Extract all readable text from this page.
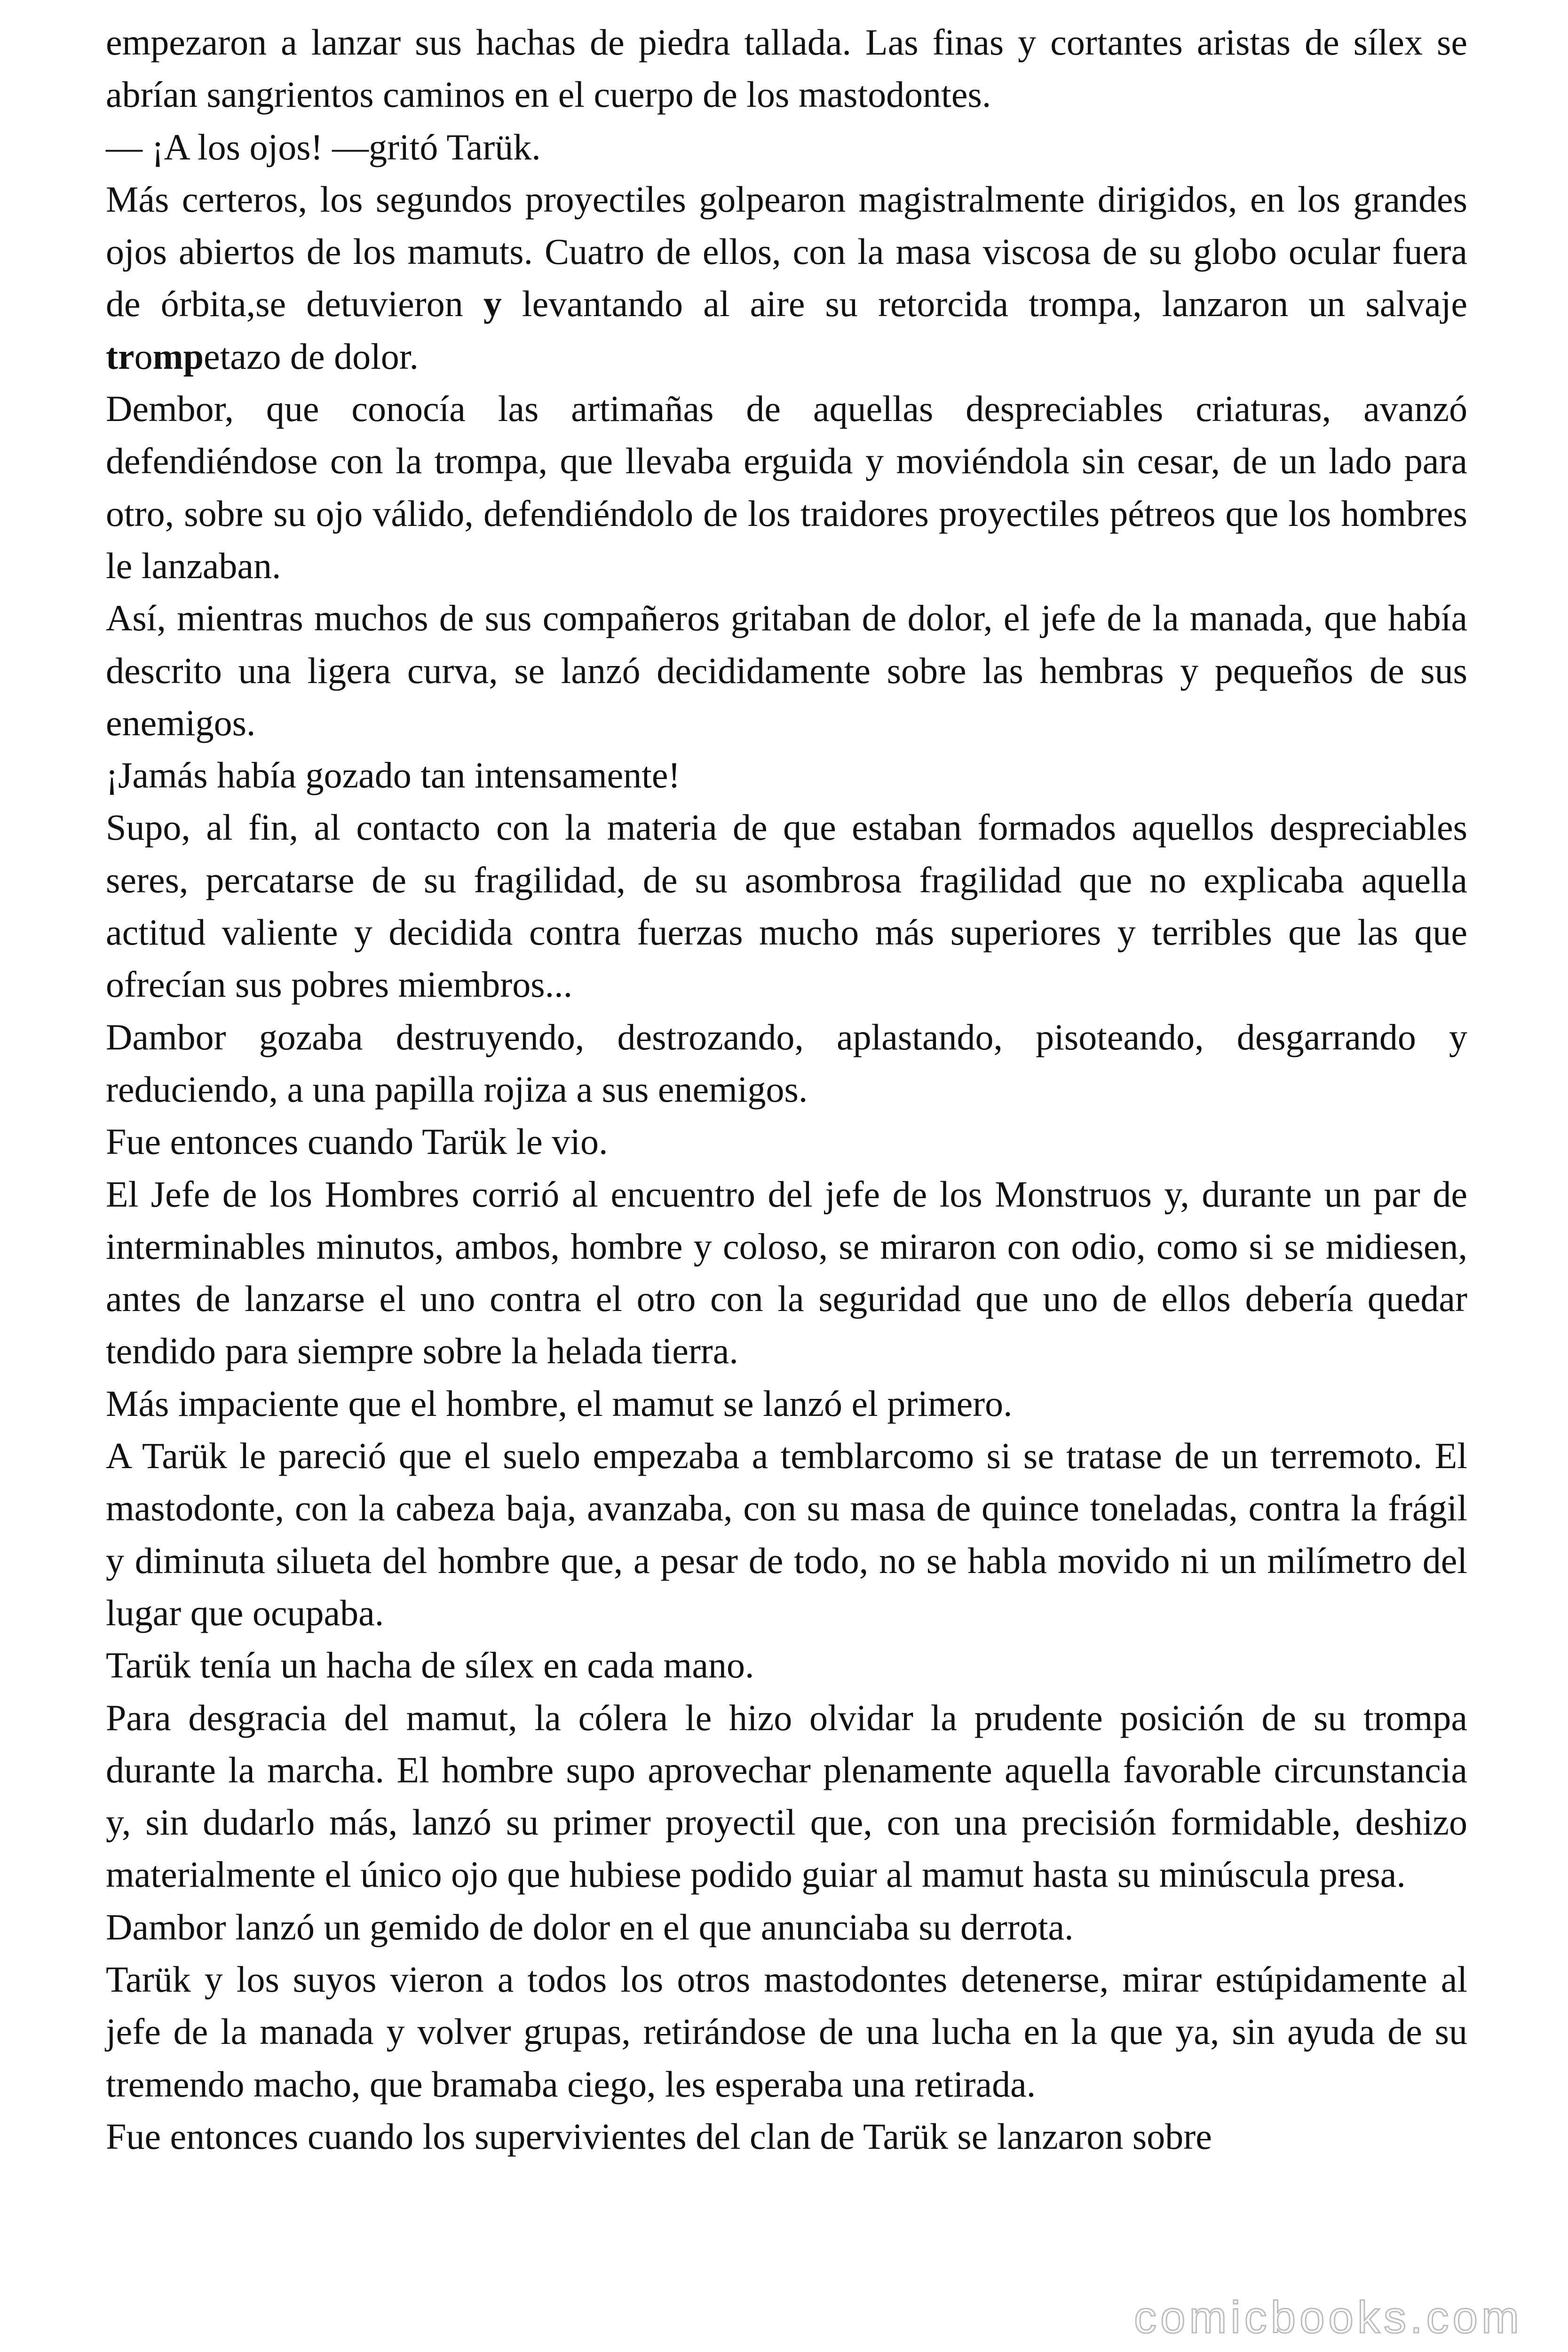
empezaron a lanzar sus hachas de piedra tallada. Las finas y cortantes aristas de sílex se abrían sangrientos caminos en el cuerpo de los mastodontes.

— ¡A los ojos! —gritó Tarük.

Más certeros, los segundos proyectiles golpearon magistralmente dirigidos, en los grandes ojos abiertos de los mamuts. Cuatro de ellos, con la masa viscosa de su globo ocular fuera de órbita,se detuvieron y levantando al aire su retorcida trompa, lanzaron un salvaje trompetazo de dolor.

Dembor, que conocía las artimañas de aquellas despreciables criaturas, avanzó defendiéndose con la trompa, que llevaba erguida y moviéndola sin cesar, de un lado para otro, sobre su ojo válido, defendiéndolo de los traidores proyectiles pétreos que los hombres le lanzaban.

Así, mientras muchos de sus compañeros gritaban de dolor, el jefe de la manada, que había descrito una ligera curva, se lanzó decididamente sobre las hembras y pequeños de sus enemigos.

¡Jamás había gozado tan intensamente!

Supo, al fin, al contacto con la materia de que estaban formados aquellos despreciables seres, percatarse de su fragilidad, de su asombrosa fragilidad que no explicaba aquella actitud valiente y decidida contra fuerzas mucho más superiores y terribles que las que ofrecían sus pobres miembros...

Dambor gozaba destruyendo, destrozando, aplastando, pisoteando, desgarrando y reduciendo, a una papilla rojiza a sus enemigos.

Fue entonces cuando Tarük le vio.

El Jefe de los Hombres corrió al encuentro del jefe de los Monstruos y, durante un par de interminables minutos, ambos, hombre y coloso, se miraron con odio, como si se midiesen, antes de lanzarse el uno contra el otro con la seguridad que uno de ellos debería quedar tendido para siempre sobre la helada tierra.

Más impaciente que el hombre, el mamut se lanzó el primero.

A Tarük le pareció que el suelo empezaba a temblarcomo si se tratase de un terremoto. El mastodonte, con la cabeza baja, avanzaba, con su masa de quince toneladas, contra la frágil y diminuta silueta del hombre que, a pesar de todo, no se habla movido ni un milímetro del lugar que ocupaba.

Tarük tenía un hacha de sílex en cada mano.

Para desgracia del mamut, la cólera le hizo olvidar la prudente posición de su trompa durante la marcha. El hombre supo aprovechar plenamente aquella favorable circunstancia y, sin dudarlo más, lanzó su primer proyectil que, con una precisión formidable, deshizo materialmente el único ojo que hubiese podido guiar al mamut hasta su minúscula presa.

Dambor lanzó un gemido de dolor en el que anunciaba su derrota.

Tarük y los suyos vieron a todos los otros mastodontes detenerse, mirar estúpidamente al jefe de la manada y volver grupas, retirándose de una lucha en la que ya, sin ayuda de su tremendo macho, que bramaba ciego, les esperaba una retirada.

Fue entonces cuando los supervivientes del clan de Tarük se lanzaron sobre

comicbooks.com
